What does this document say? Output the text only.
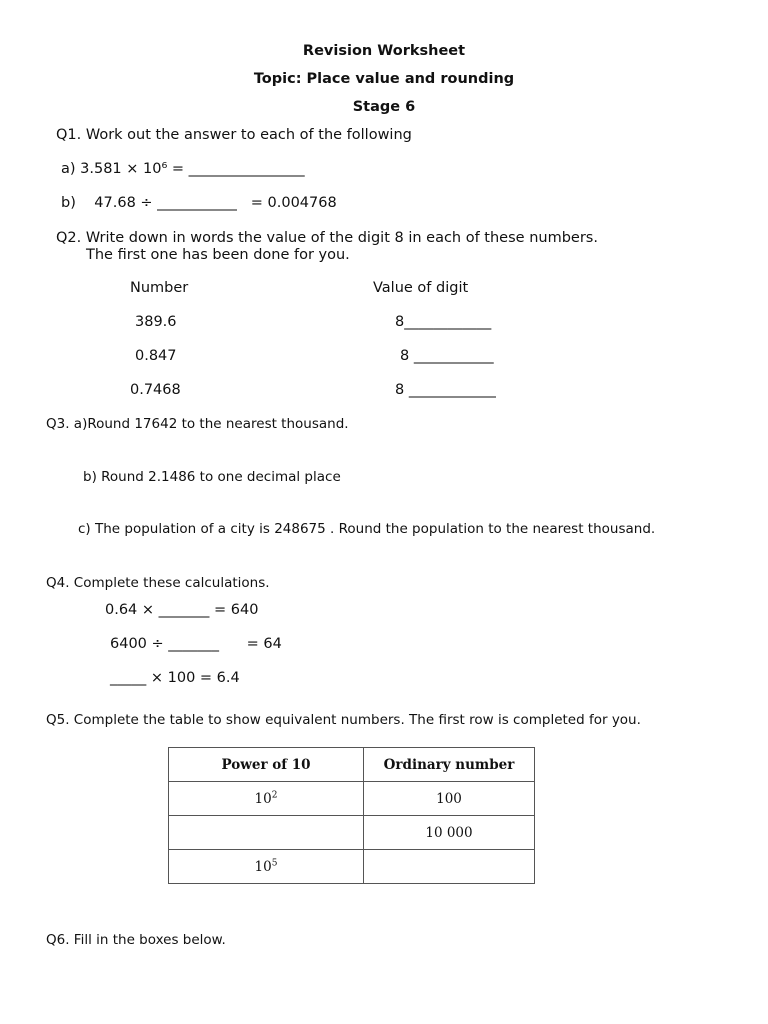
Revision Worksheet
Topic: Place value and rounding
Stage 6
Q1. Work out the answer to each of the following
a) 3.581 × 10⁶ = ________________
b)    47.68 ÷ ___________   = 0.004768
Q2. Write down in words the value of the digit 8 in each of these numbers.
The first one has been done for you.
Number	Value of digit
389.6	8____________
0.847	8 ___________
0.7468	8 ____________
Q3. a)Round 17642 to the nearest thousand.
b) Round 2.1486 to one decimal place
c) The population of a city is 248675 . Round the population to the nearest thousand.
Q4. Complete these calculations.
0.64 × _______ = 640
6400 ÷ _______      = 64
_____ × 100 = 6.4
Q5. Complete the table to show equivalent numbers. The first row is completed for you.
Power of 10	Ordinary number
$10^2$	100
	10 000
$10^5$	
Q6. Fill in the boxes below.
